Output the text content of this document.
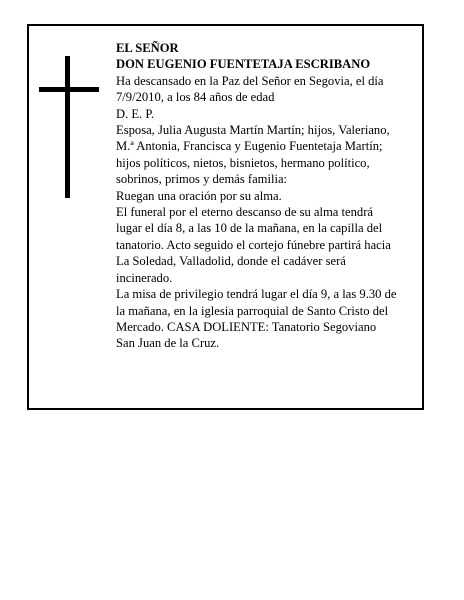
EL SEÑOR
DON EUGENIO FUENTETAJA ESCRIBANO
Ha descansado en la Paz del Señor en Segovia, el día
7/9/2010, a los 84 años de edad
D. E. P.
Esposa, Julia Augusta Martín Martín; hijos, Valeriano,
M.ª Antonia, Francisca y Eugenio Fuentetaja Martín;
hijos políticos, nietos, bisnietos, hermano político,
sobrinos, primos y demás familia:
Ruegan una oración por su alma.
El funeral por el eterno descanso de su alma tendrá
lugar el día 8, a las 10 de la mañana, en la capilla del
tanatorio. Acto seguido el cortejo fúnebre partirá hacia
La Soledad, Valladolid, donde el cadáver será
incinerado.
La misa de privilegio tendrá lugar el día 9, a las 9.30 de
la mañana, en la iglesia parroquial de Santo Cristo del
Mercado. CASA DOLIENTE: Tanatorio Segoviano
San Juan de la Cruz.
